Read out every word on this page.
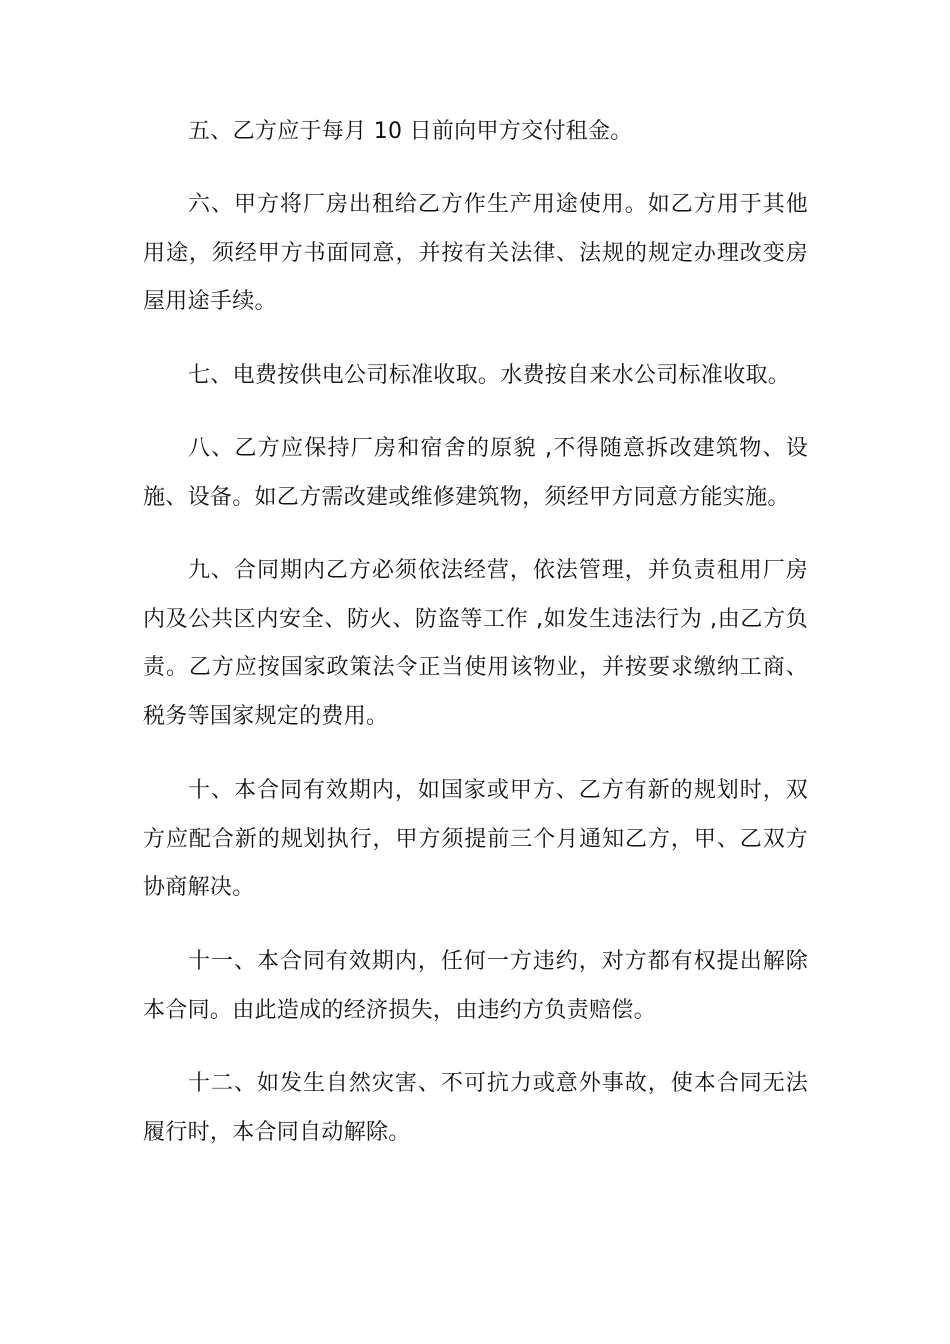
五、乙方应于每月 10 日前向甲方交付租金。

六、甲方将厂房出租给乙方作生产用途使用。如乙方用于其他用途，须经甲方书面同意，并按有关法律、法规的规定办理改变房屋用途手续。

七、电费按供电公司标准收取。水费按自来水公司标准收取。

八、乙方应保持厂房和宿舍的原貌 ,不得随意拆改建筑物、设施、设备。如乙方需改建或维修建筑物，须经甲方同意方能实施。

九、合同期内乙方必须依法经营，依法管理，并负责租用厂房内及公共区内安全、防火、防盗等工作 ,如发生违法行为 ,由乙方负责。乙方应按国家政策法令正当使用该物业，并按要求缴纳工商、税务等国家规定的费用。

十、本合同有效期内，如国家或甲方、乙方有新的规划时，双方应配合新的规划执行，甲方须提前三个月通知乙方，甲、乙双方协商解决。

十一、本合同有效期内，任何一方违约，对方都有权提出解除本合同。由此造成的经济损失，由违约方负责赔偿。

十二、如发生自然灾害、不可抗力或意外事故，使本合同无法履行时，本合同自动解除。
